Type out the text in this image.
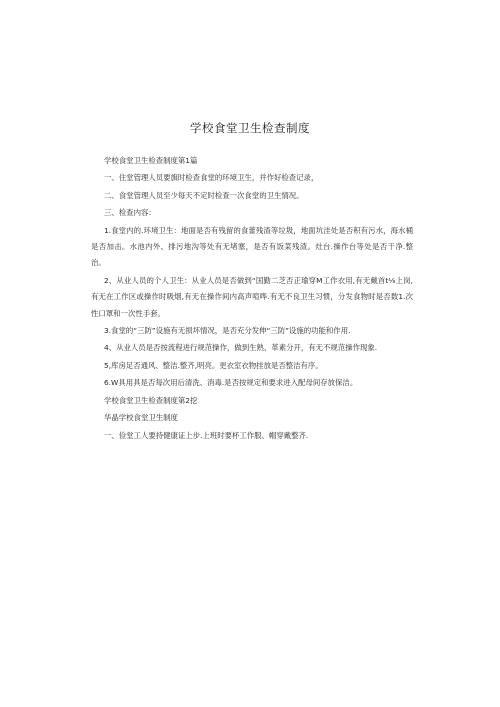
学校食堂卫生检查制度

学校食堂卫生检查制度第1篇

一、住堂管理人员要旗时检查食堂的环境卫生，并作好检查记录，

二、食堂管理人员至少每天不定时检查一次食堂的卫生情况。

三、检查内容：

1.食堂内的.环境卫生：地面是否有残留的食蕾残渣等垃圾，地面坑洼处是否积有污水，海水桶是否加击。水池内外、排污地沟等处有无堵塞，是否有饭菜残渣。灶台.操作台等处是否干净.整治。

2、从业人员的个人卫生：从业人员是否做到“国勤二芝否正瑜穿M工作衣用,有无戴首t⅛上岗,有无在工作区或操作时吸烟,有无在操作间内高声喧哗.有无不良卫生习惯，分发食物时是否数1.次性口罩和一次性手套。

3.食堂的“三防”设施有无损坏情况，是否充分发伸“三防”设施的功能和作用.

4、从业人员是否按流程进行规范操作，做到生熟、革素分开，有无不规范操作现象.

5,库房足否通风、整洁.整齐,明亮。更衣室衣物挂放是否整洁有序。

6.W具用具是否每次用后清洗、消毒.是否按规定和要求进入配母间存放保洁。

学校食堂卫生检查制度第2挖

华晶学校食堂卫生制度

一、俭堂工人要持健康证上步.上班时要杯工作服、帽穿戴整齐.
